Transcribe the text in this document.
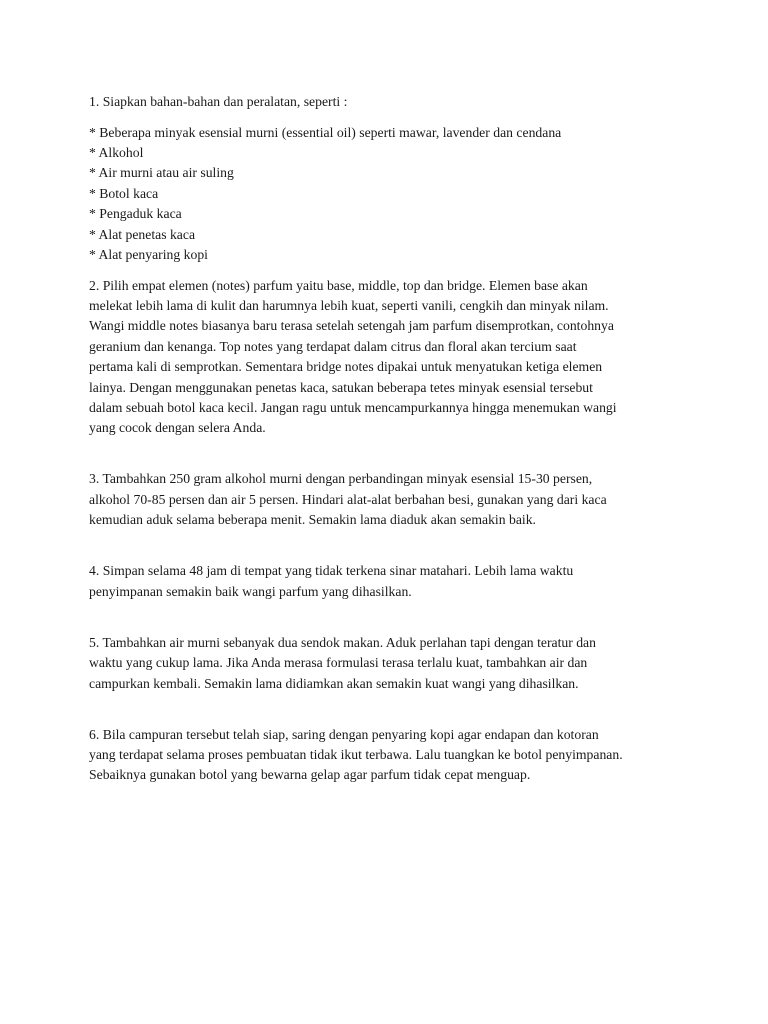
1. Siapkan bahan-bahan dan peralatan, seperti :
* Beberapa minyak esensial murni (essential oil) seperti mawar, lavender dan cendana
* Alkohol
* Air murni atau air suling
* Botol kaca
* Pengaduk kaca
* Alat penetas kaca
* Alat penyaring kopi
2. Pilih empat elemen (notes) parfum yaitu base, middle, top dan bridge. Elemen base akan
melekat lebih lama di kulit dan harumnya lebih kuat, seperti vanili, cengkih dan minyak nilam.
Wangi middle notes biasanya baru terasa setelah setengah jam parfum disemprotkan, contohnya
geranium dan kenanga. Top notes yang terdapat dalam citrus dan floral akan tercium saat
pertama kali di semprotkan. Sementara bridge notes dipakai untuk menyatukan ketiga elemen
lainya. Dengan menggunakan penetas kaca, satukan beberapa tetes minyak esensial tersebut
dalam sebuah botol kaca kecil. Jangan ragu untuk mencampurkannya hingga menemukan wangi
yang cocok dengan selera Anda.
3. Tambahkan 250 gram alkohol murni dengan perbandingan minyak esensial 15-30 persen,
alkohol 70-85 persen dan air 5 persen. Hindari alat-alat berbahan besi, gunakan yang dari kaca
kemudian aduk selama beberapa menit. Semakin lama diaduk akan semakin baik.
4. Simpan selama 48 jam di tempat yang tidak terkena sinar matahari. Lebih lama waktu
penyimpanan semakin baik wangi parfum yang dihasilkan.
5. Tambahkan air murni sebanyak dua sendok makan. Aduk perlahan tapi dengan teratur dan
waktu yang cukup lama. Jika Anda merasa formulasi terasa terlalu kuat, tambahkan air dan
campurkan kembali. Semakin lama didiamkan akan semakin kuat wangi yang dihasilkan.
6. Bila campuran tersebut telah siap, saring dengan penyaring kopi agar endapan dan kotoran
yang terdapat selama proses pembuatan tidak ikut terbawa. Lalu tuangkan ke botol penyimpanan.
Sebaiknya gunakan botol yang bewarna gelap agar parfum tidak cepat menguap.
